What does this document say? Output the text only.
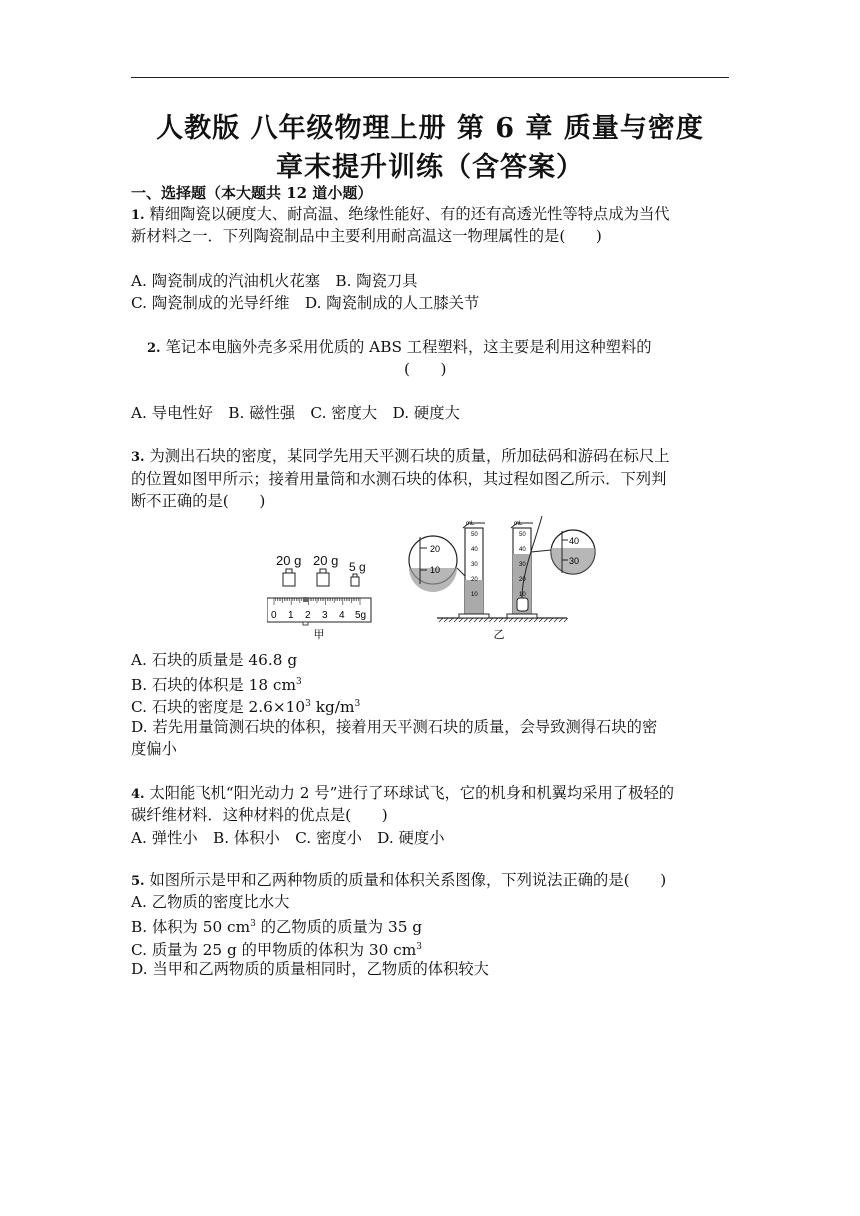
人教版 八年级物理上册 第 6 章 质量与密度
章末提升训练（含答案）
一、选择题（本大题共 12 道小题）
1. 精细陶瓷以硬度大、耐高温、绝缘性能好、有的还有高透光性等特点成为当代
新材料之一．下列陶瓷制品中主要利用耐高温这一物理属性的是(　　)
A. 陶瓷制成的汽油机火花塞　B. 陶瓷刀具
C. 陶瓷制成的光导纤维　D. 陶瓷制成的人工膝关节
2. 笔记本电脑外壳多采用优质的 ABS 工程塑料，这主要是利用这种塑料的
(　　)
A. 导电性好　B. 磁性强　C. 密度大　D. 硬度大
3. 为测出石块的密度，某同学先用天平测石块的质量，所加砝码和游码在标尺上
的位置如图甲所示；接着用量筒和水测石块的体积，其过程如图乙所示．下列判
断不正确的是(　　)
20 g 20 g 5 g
0 1 2 3 4 5g
甲
20
10
mL
50
40
30
20
10
mL
50
40
30
20
10
40
30
乙
A. 石块的质量是 46.8 g
B. 石块的体积是 18 $cm^3$
C. 石块的密度是 $2.6\times 10^3$ $kg/m^3$
D. 若先用量筒测石块的体积，接着用天平测石块的质量，会导致测得石块的密
度偏小
4. 太阳能飞机“阳光动力 2 号”进行了环球试飞，它的机身和机翼均采用了极轻的
碳纤维材料．这种材料的优点是(　　)
A. 弹性小　B. 体积小　C. 密度小　D. 硬度小
5. 如图所示是甲和乙两种物质的质量和体积关系图像，下列说法正确的是(　　)
A. 乙物质的密度比水大
B. 体积为 50 $cm^3$ 的乙物质的质量为 35 g
C. 质量为 25 g 的甲物质的体积为 30 $cm^3$
D. 当甲和乙两物质的质量相同时，乙物质的体积较大
